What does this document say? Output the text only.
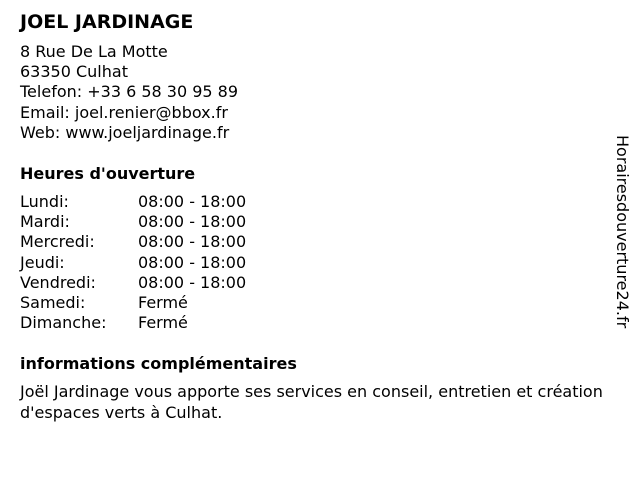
JOEL JARDINAGE
8 Rue De La Motte
63350 Culhat
Telefon: +33 6 58 30 95 89
Email: joel.renier@bbox.fr
Web: www.joeljardinage.fr
Heures d'ouverture
Lundi:	08:00 - 18:00
Mardi:	08:00 - 18:00
Mercredi:	08:00 - 18:00
Jeudi:	08:00 - 18:00
Vendredi:	08:00 - 18:00
Samedi:	Fermé
Dimanche:	Fermé
informations complémentaires
Joël Jardinage vous apporte ses services en conseil, entretien et création d'espaces verts à Culhat.
Horairesdouverture24.fr
